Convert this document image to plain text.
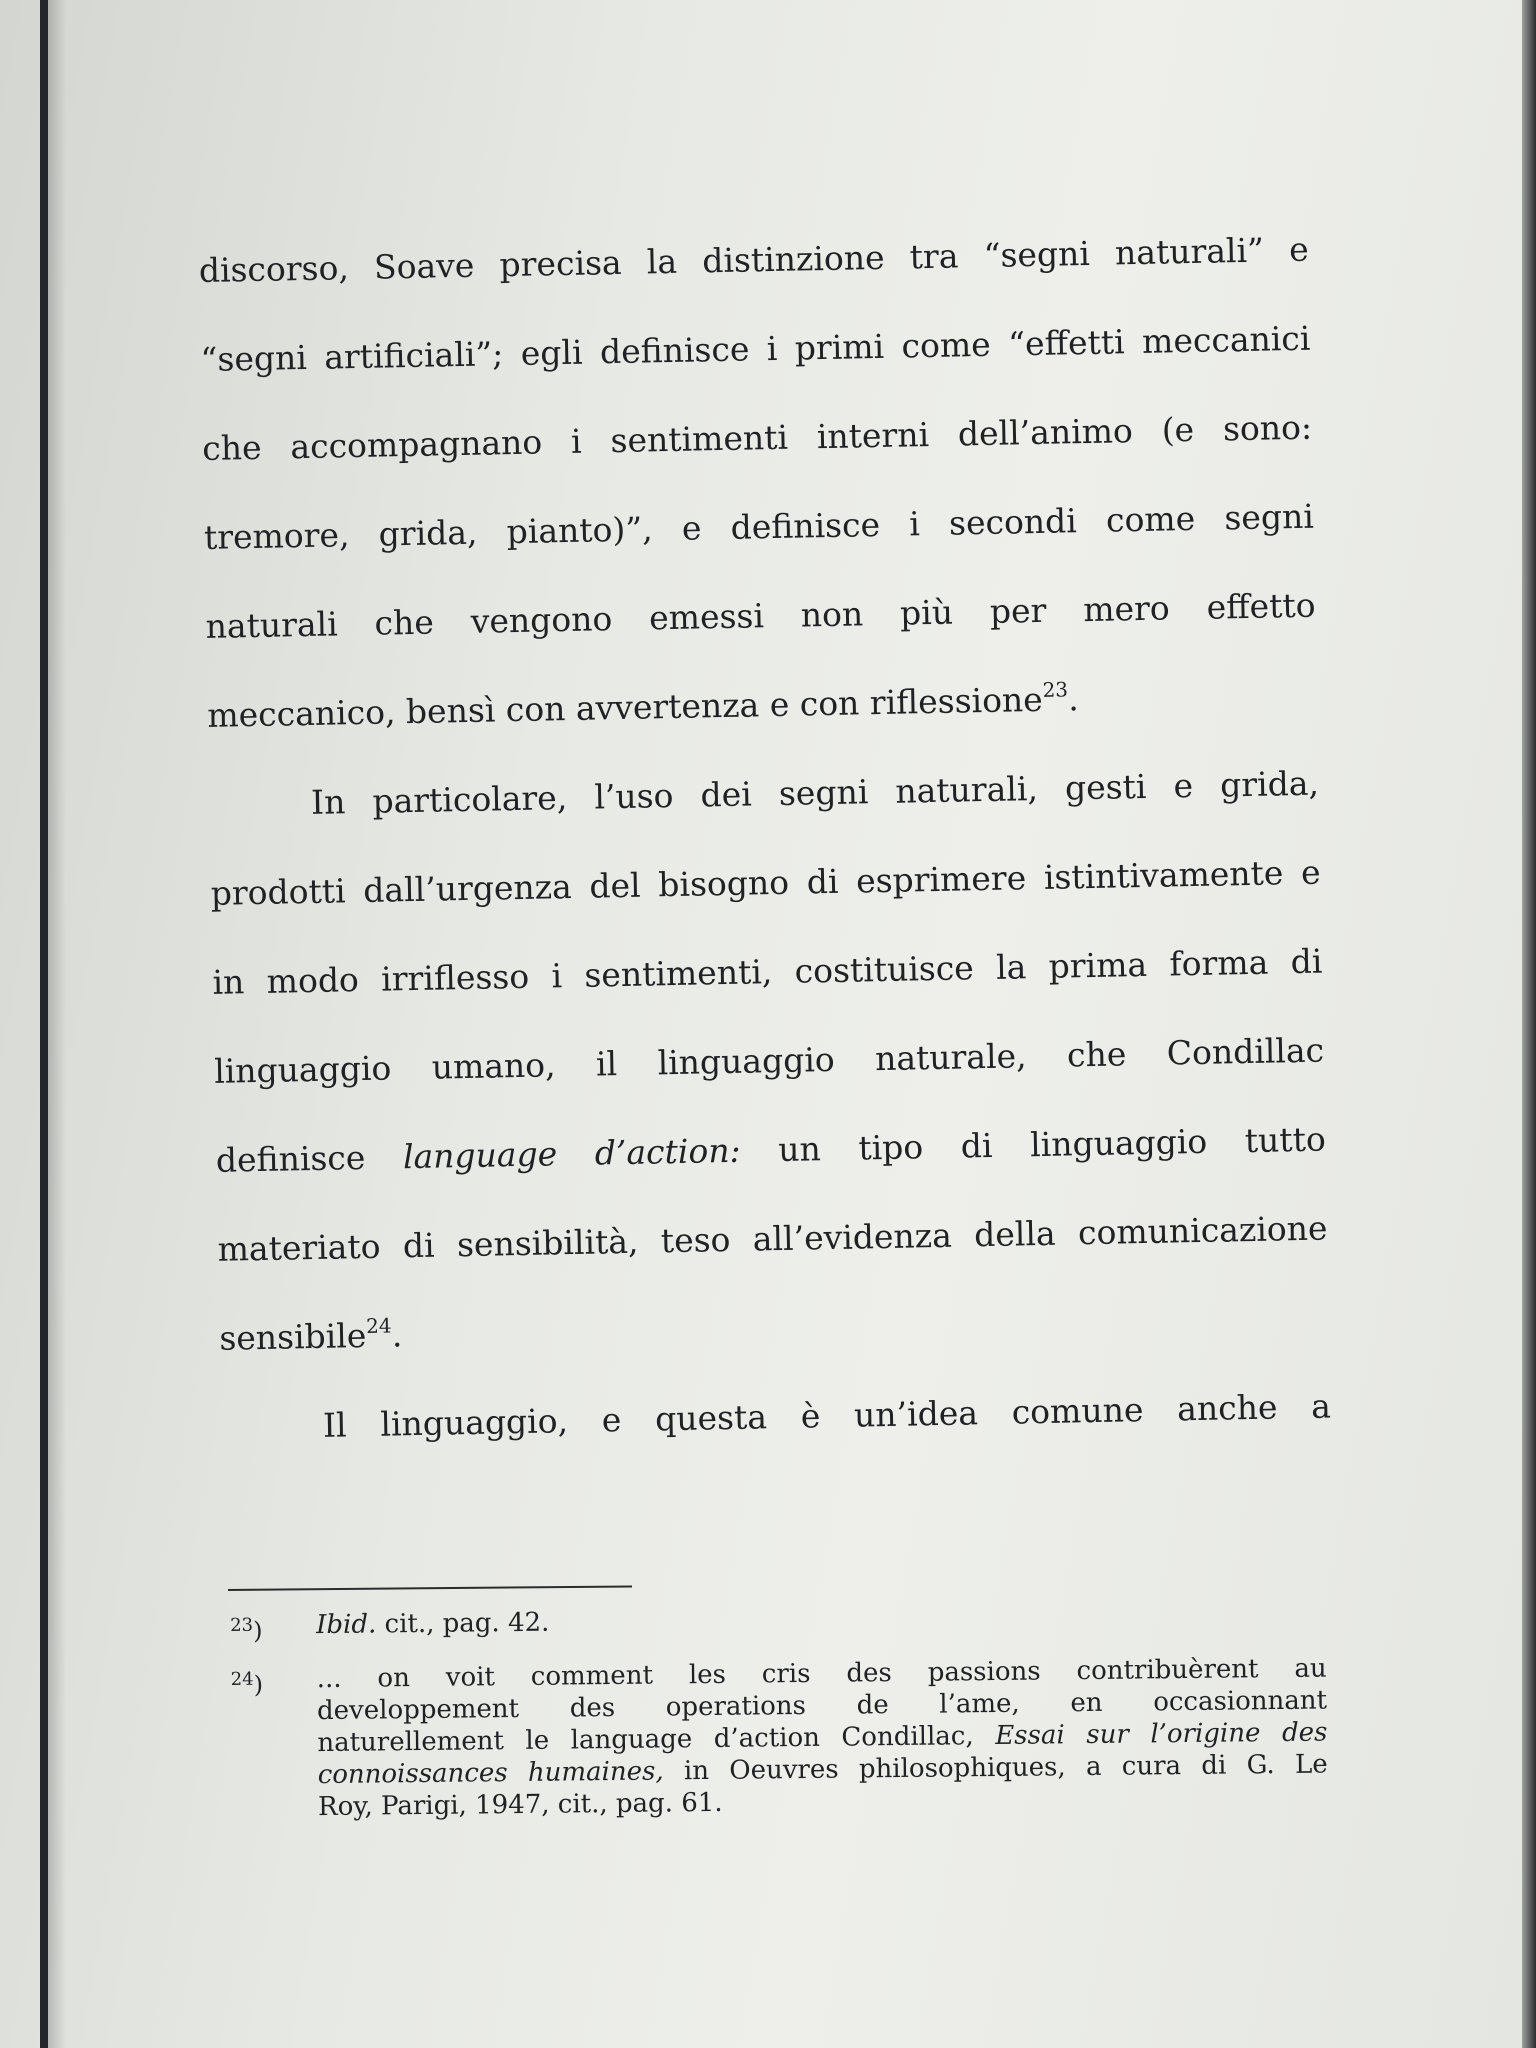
discorso, Soave precisa la distinzione tra “segni naturali” e
“segni artificiali”; egli definisce i primi come “effetti meccanici
che accompagnano i sentimenti interni dell’animo (e sono:
tremore, grida, pianto)”, e definisce i secondi come segni
naturali che vengono emessi non più per mero effetto
meccanico, bensì con avvertenza e con riflessione$^{23}$.
In particolare, l’uso dei segni naturali, gesti e grida,
prodotti dall’urgenza del bisogno di esprimere istintivamente e
in modo irriflesso i sentimenti, costituisce la prima forma di
linguaggio umano, il linguaggio naturale, che Condillac
definisce language d’action: un tipo di linguaggio tutto
materiato di sensibilità, teso all’evidenza della comunicazione
sensibile$^{24}$.
Il linguaggio, e questa è un’idea comune anche a
$^{23}$) Ibid. cit., pag. 42.
$^{24}$) ... on voit comment les cris des passions contribuèrent au
developpement des operations de l’ame, en occasionnant
naturellement le language d’action Condillac, Essai sur l’origine des
connoissances humaines, in Oeuvres philosophiques, a cura di G. Le
Roy, Parigi, 1947, cit., pag. 61.
